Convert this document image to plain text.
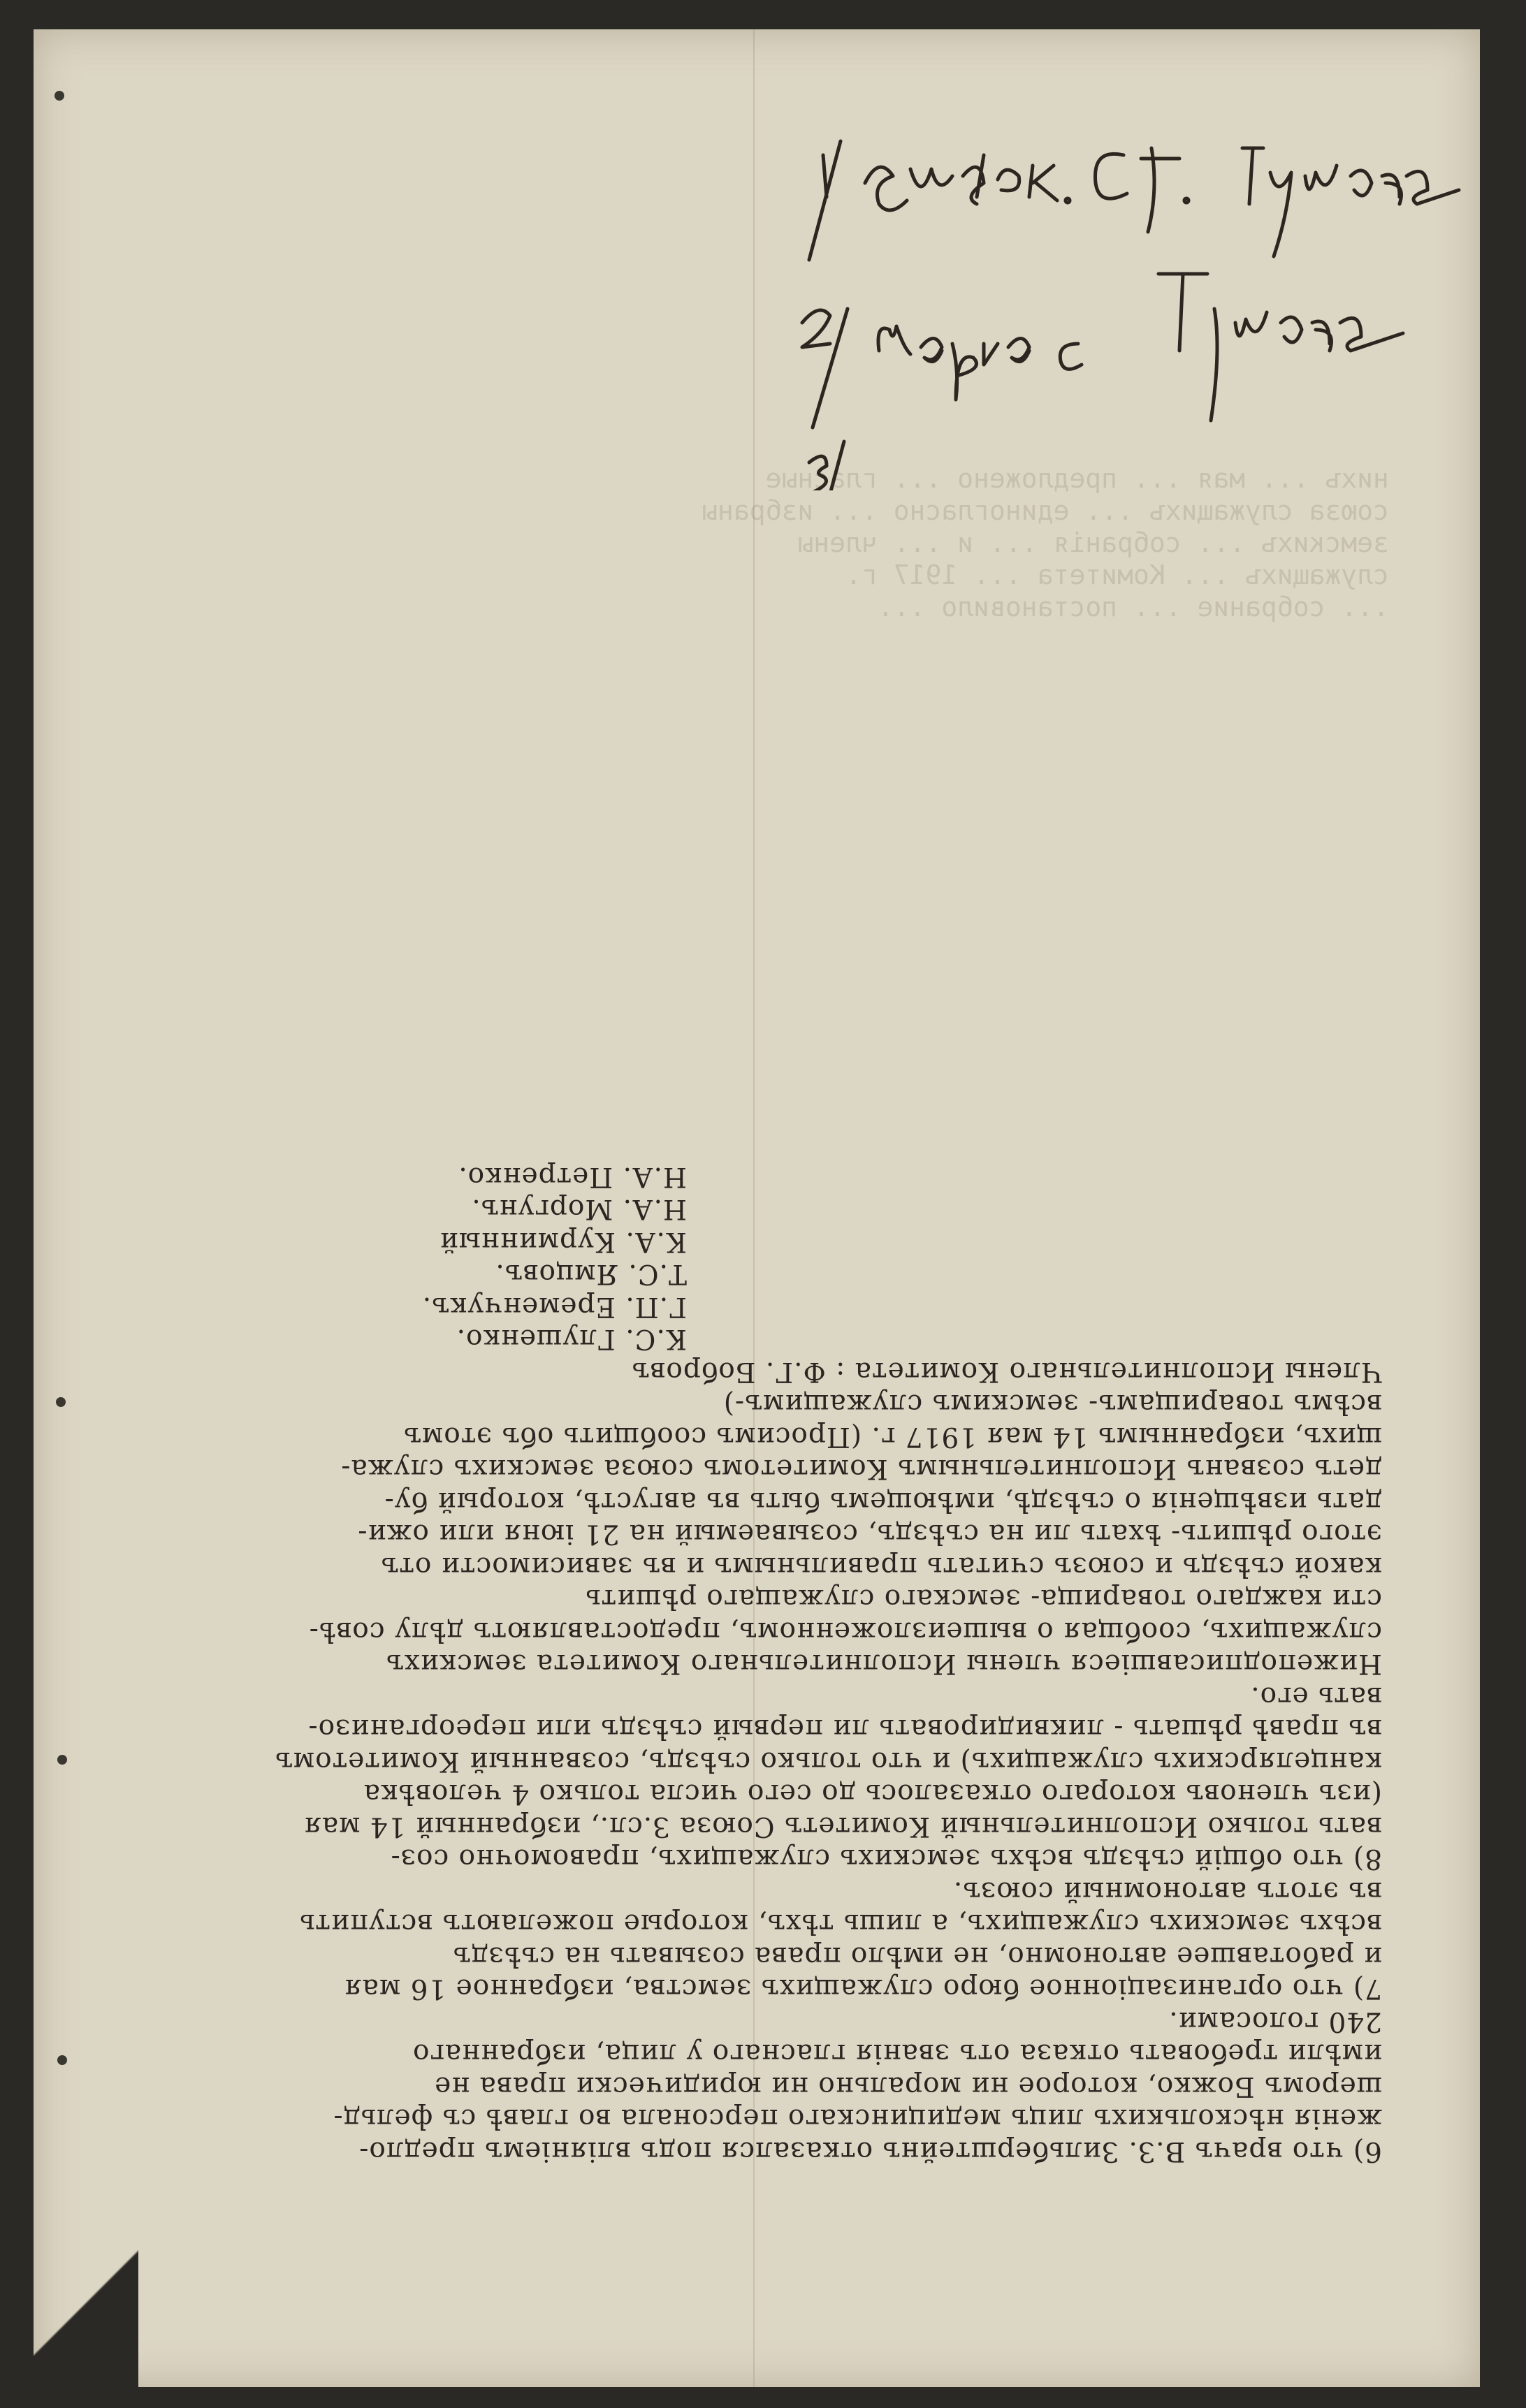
нихъ ... мая ... предложено ... гласные
союза служащихъ ... единогласно ... избраны
земскихъ ... собранія ... и ... члены
служащихъ ... Комитета ... 1917 г.
... собрание ... постановило ...
6) что врачъ В.З. Зильберштейнъ отказался подъ вліяніемъ предло-
женія нѣсколькихъ лицъ медицинскаго персонала во главѣ съ фельд-
шеромъ Божко, которое ни морально ни юридически права не
имѣли требовать отказа отъ званія гласнаго у лица, избраннаго
240 голосами.
7) что организаціонное бюро служащихъ земства, избранное 16 мая
и работавшее автономно, не имѣло права созывать на съѣздъ
всѣхъ земскихъ служащихъ, а лишь тѣхъ, которые пожелаютъ вступить
въ этотъ автономный союзъ.
8) что общій съѣздъ всѣхъ земскихъ служащихъ, правомочно соз-
вать только Исполнительный Комитетъ Союза З.сл., избранный 14 мая
(изъ членовъ котораго отказалось до сего числа только 4 человѣка
канцелярскихъ служащихъ) и что только съѣздъ, созванный Комитетомъ
въ правѣ рѣшать - ликвидировать ли первый съѣздъ или переорганизо-
вать его.
Нижеподписавшіеся члены Исполнительнаго Комитета земскихъ
служащихъ, сообщая о вышеизложенномъ, предоставляютъ дѣлу совѣ-
сти каждаго товарища- земскаго служащаго рѣшить
какой съѣздъ и союзъ считать правильнымъ и въ зависимости отъ
этого рѣшить- ѣхать ли на съѣздъ, созываемый на 21 іюня или ожи-
дать извѣщенія о съѣздѣ, имѣющемъ быть въ августѣ, который бу-
детъ созванъ Исполнительнымъ Комитетомъ союза земскихъ служа-
щихъ, избраннымъ 14 мая 1917 г. (Просимъ сообщить объ этомъ
всѣмъ товарищамъ- земскимъ служащимъ-)
Члены Исполнительнаго Комитета : Ф.Г. Бобровъ
К.С. Глушенко.
Г.П. Еременчукъ.
Т.С. Ямцовъ.
К.А. Курминный
Н.А. Моргунъ.
Н.А. Петренко.
